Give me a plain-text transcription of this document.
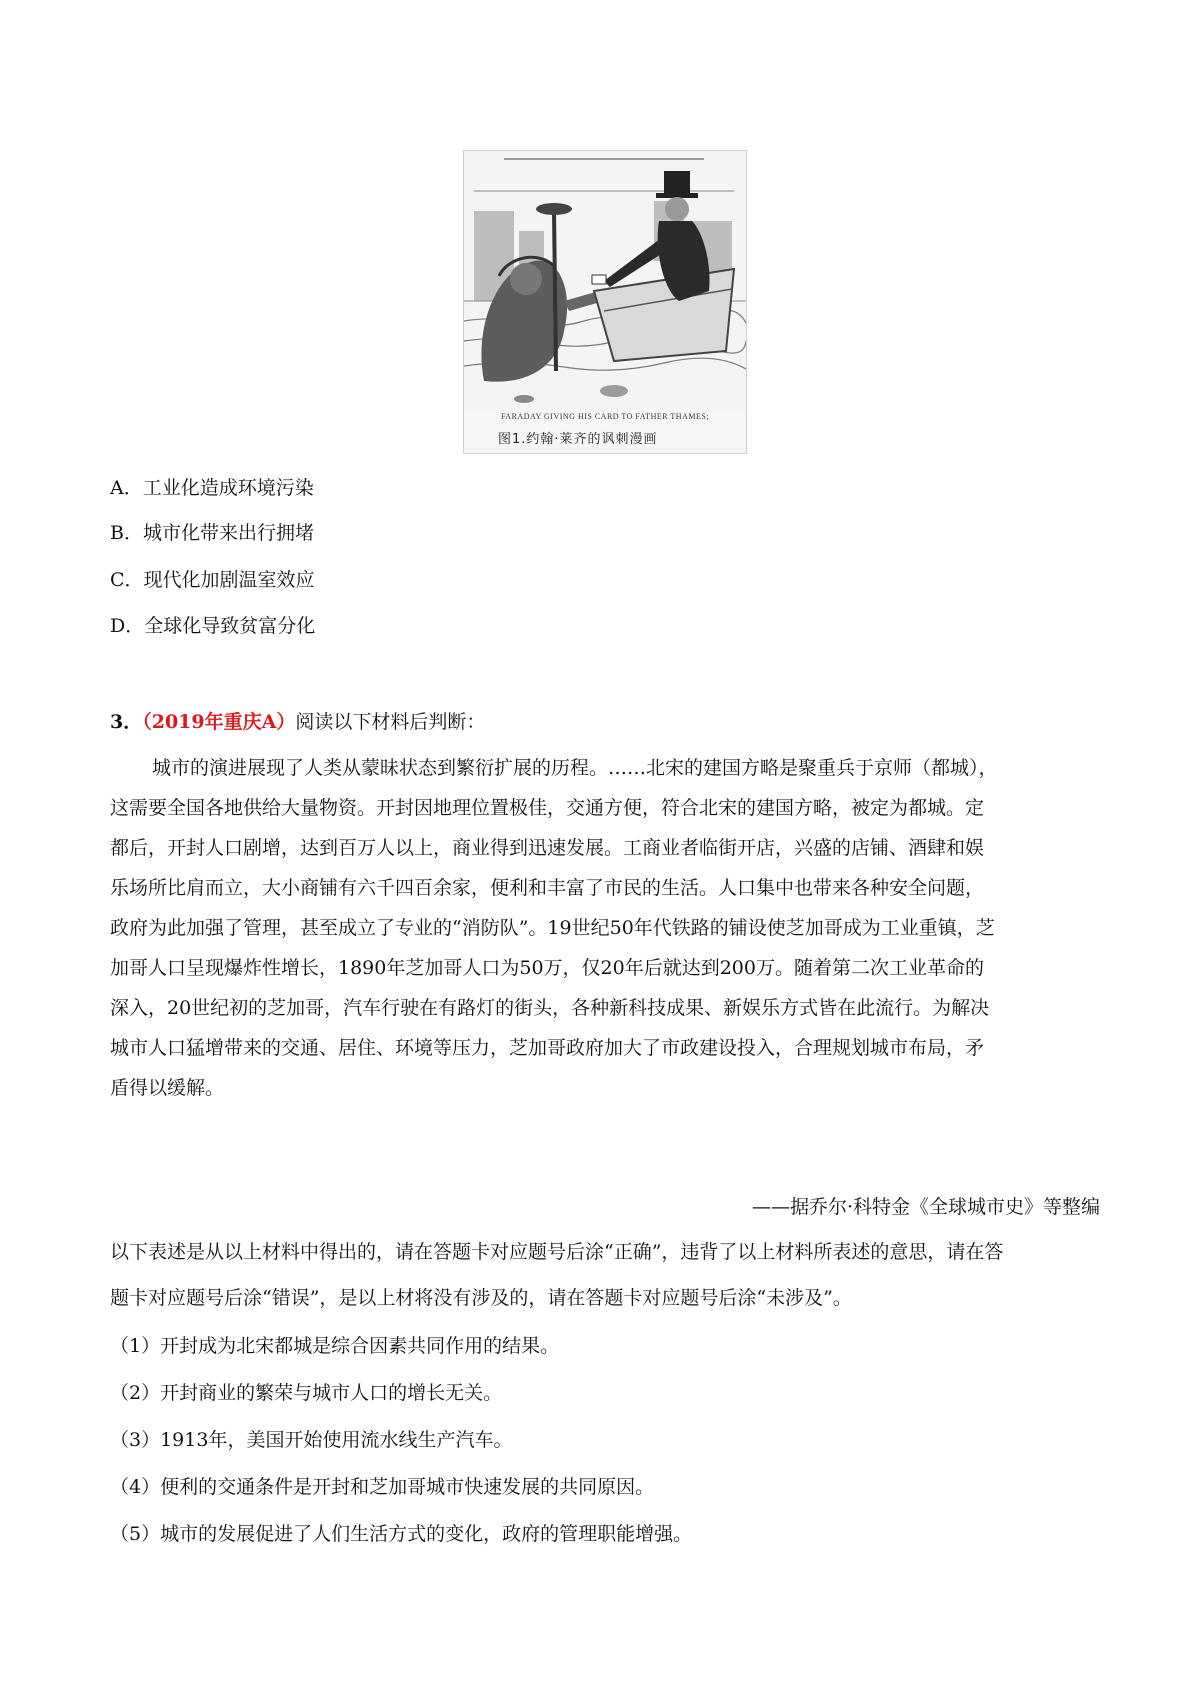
FARADAY GIVING HIS CARD TO FATHER THAMES;
图1.约翰·莱齐的讽刺漫画
A．工业化造成环境污染
B．城市化带来出行拥堵
C．现代化加剧温室效应
D．全球化导致贫富分化
3．（2019年重庆A）阅读以下材料后判断：
城市的演进展现了人类从蒙昧状态到繁衍扩展的历程。……北宋的建国方略是聚重兵于京师（都城），
这需要全国各地供给大量物资。开封因地理位置极佳，交通方便，符合北宋的建国方略，被定为都城。定
都后，开封人口剧增，达到百万人以上，商业得到迅速发展。工商业者临街开店，兴盛的店铺、酒肆和娱
乐场所比肩而立，大小商铺有六千四百余家，便利和丰富了市民的生活。人口集中也带来各种安全问题，
政府为此加强了管理，甚至成立了专业的“消防队”。19世纪50年代铁路的铺设使芝加哥成为工业重镇，芝
加哥人口呈现爆炸性增长，1890年芝加哥人口为50万，仅20年后就达到200万。随着第二次工业革命的
深入，20世纪初的芝加哥，汽车行驶在有路灯的街头，各种新科技成果、新娱乐方式皆在此流行。为解决
城市人口猛增带来的交通、居住、环境等压力，芝加哥政府加大了市政建设投入，合理规划城市布局，矛
盾得以缓解。
——据乔尔·科特金《全球城市史》等整编
以下表述是从以上材料中得出的，请在答题卡对应题号后涂“正确”，违背了以上材料所表述的意思，请在答
题卡对应题号后涂“错误”，是以上材将没有涉及的，请在答题卡对应题号后涂“未涉及”。
（1）开封成为北宋都城是综合因素共同作用的结果。
（2）开封商业的繁荣与城市人口的增长无关。
（3）1913年，美国开始使用流水线生产汽车。
（4）便利的交通条件是开封和芝加哥城市快速发展的共同原因。
（5）城市的发展促进了人们生活方式的变化，政府的管理职能增强。
